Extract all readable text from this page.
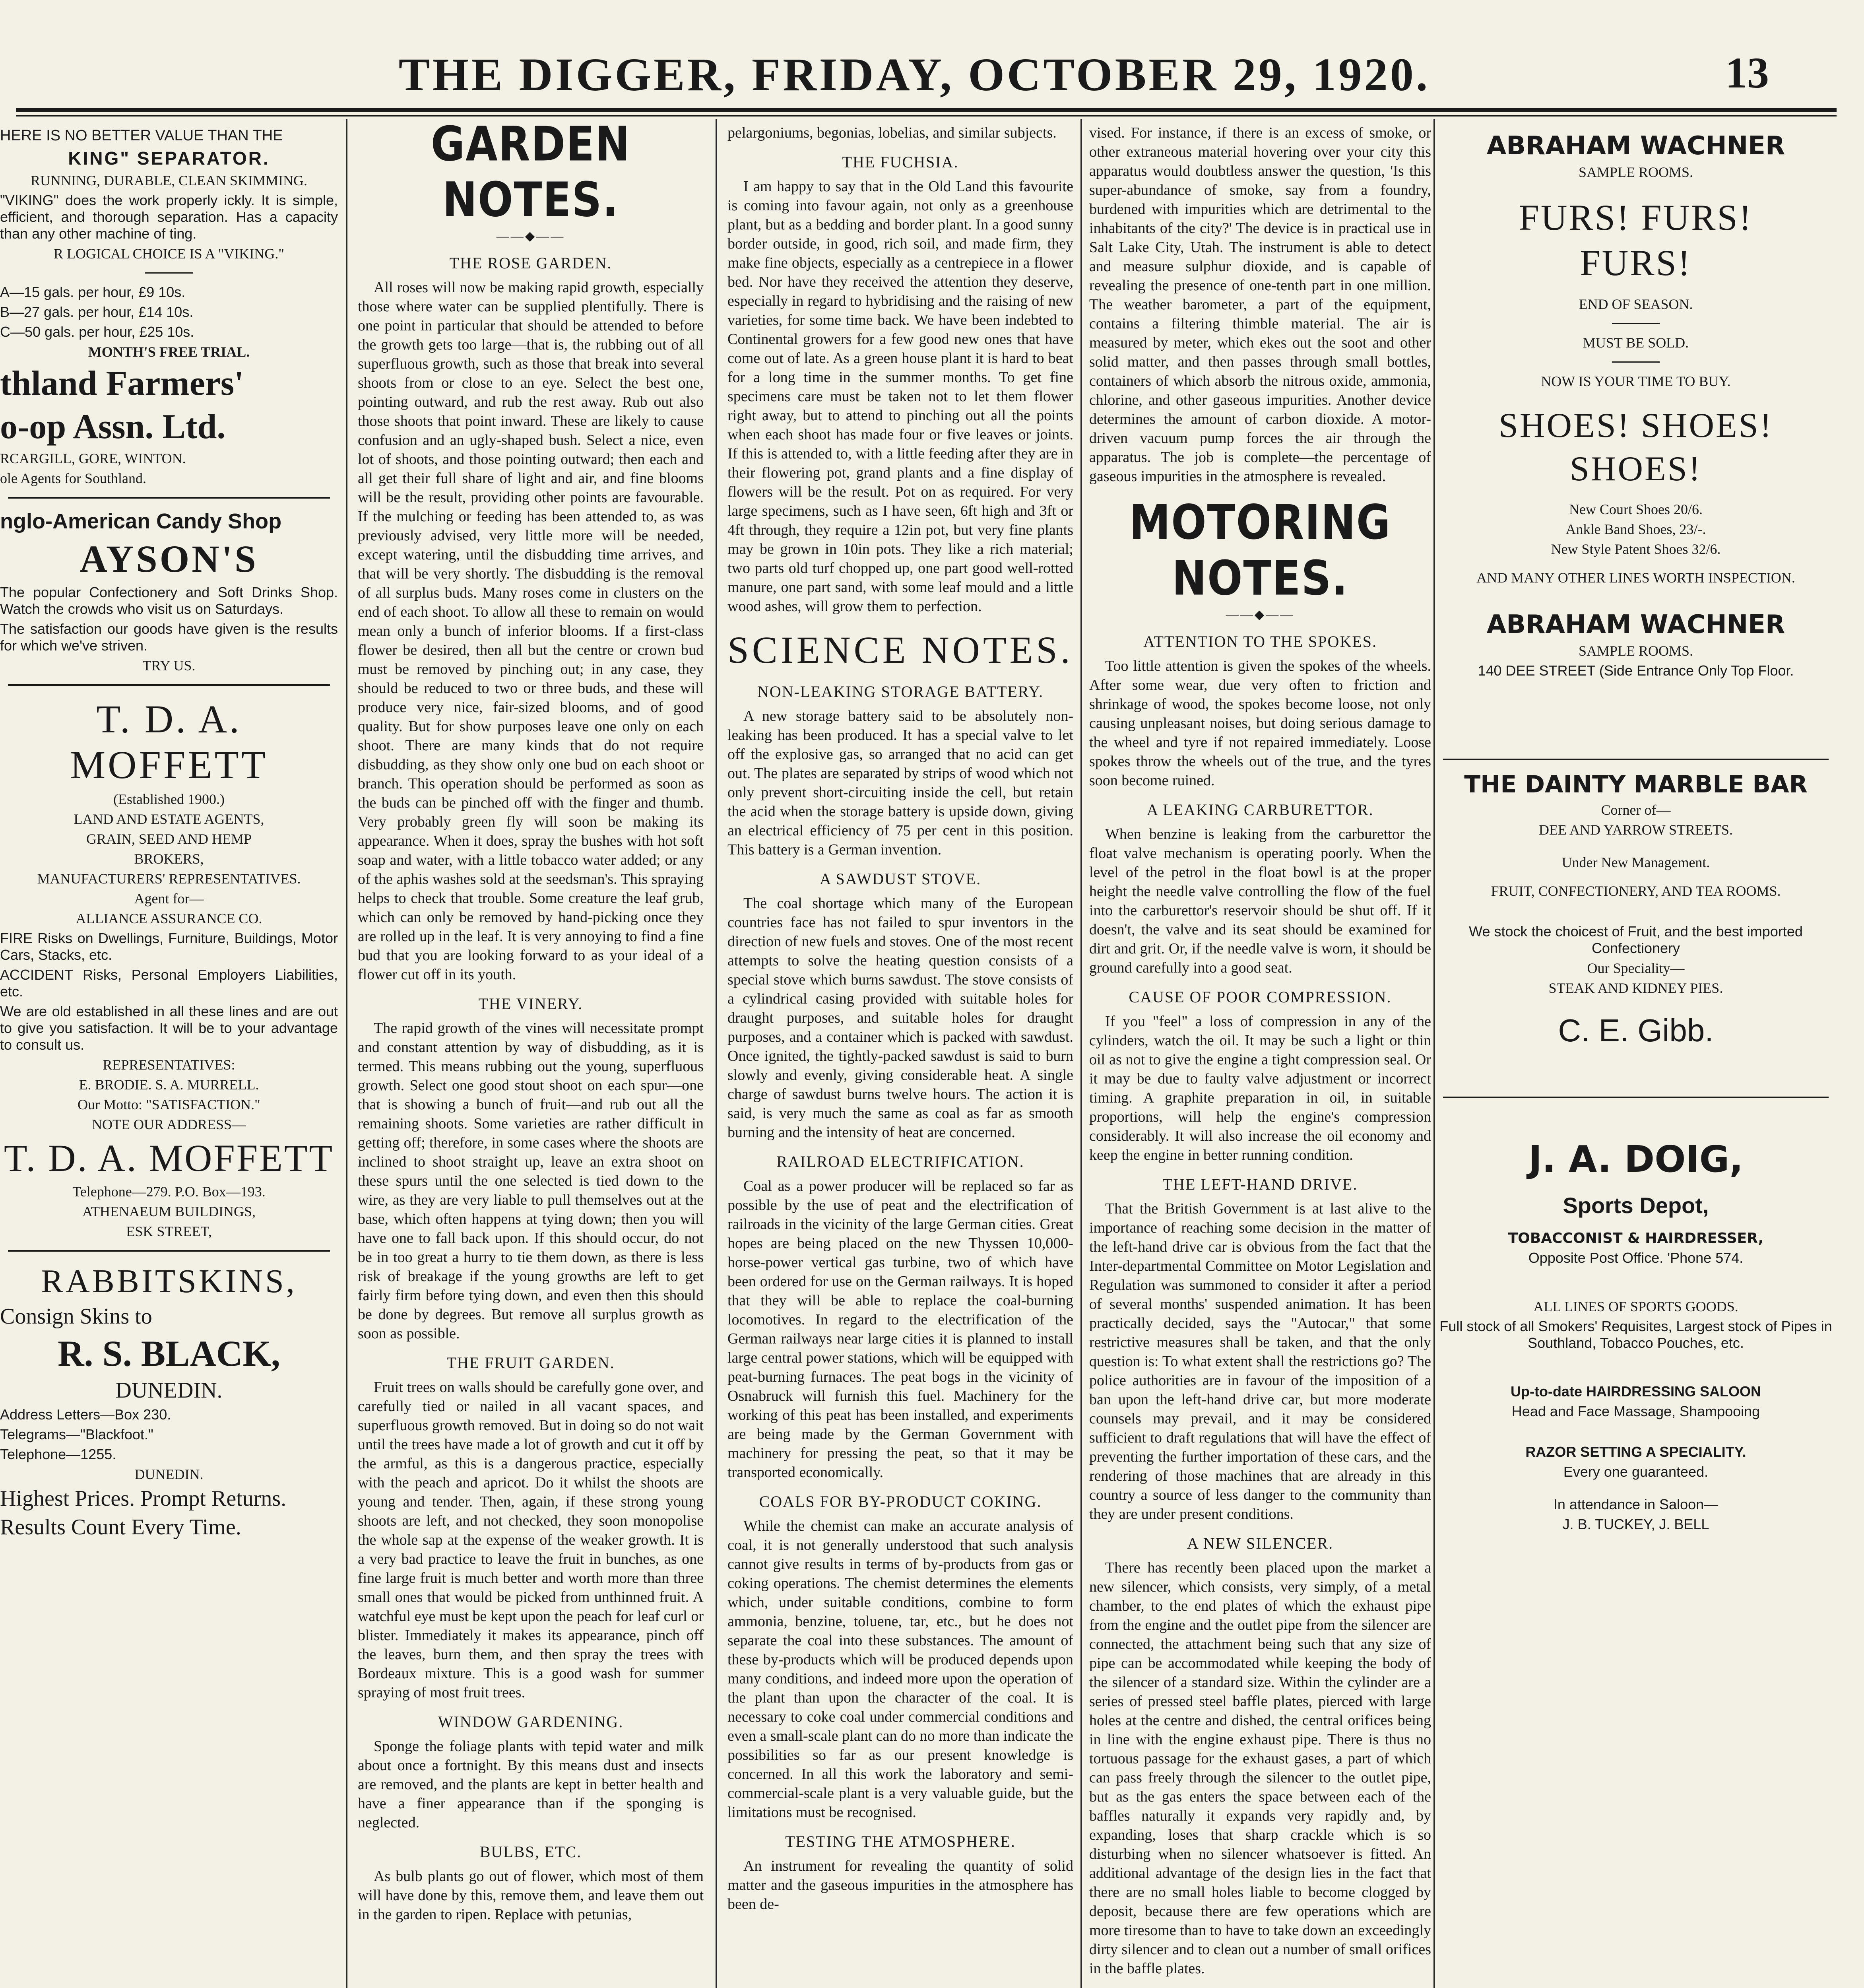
THE DIGGER, FRIDAY, OCTOBER 29, 1920.	13
HERE IS NO BETTER VALUE THAN THE
KING" SEPARATOR.
RUNNING, DURABLE, CLEAN SKIMMING.
"VIKING" does the work properly ickly. It is simple, efficient, and thorough separation. Has a capacity than any other machine of ting.
R LOGICAL CHOICE IS A "VIKING."
A—15 gals. per hour, £9 10s.
B—27 gals. per hour, £14 10s.
C—50 gals. per hour, £25 10s.
MONTH'S FREE TRIAL.
thland Farmers'
o-op Assn. Ltd.
RCARGILL, GORE, WINTON.
ole Agents for Southland.
nglo-American Candy Shop
AYSON'S
The popular Confectionery and Soft Drinks Shop. Watch the crowds who visit us on Saturdays.
The satisfaction our goods have given is the results for which we've striven.
TRY US.
T. D. A. MOFFETT
(Established 1900.)
LAND AND ESTATE AGENTS,
GRAIN, SEED AND HEMP
BROKERS,
MANUFACTURERS' REPRESENTATIVES.
Agent for—
ALLIANCE ASSURANCE CO.
FIRE Risks on Dwellings, Furniture, Buildings, Motor Cars, Stacks, etc.
ACCIDENT Risks, Personal Employers Liabilities, etc.
We are old established in all these lines and are out to give you satisfaction. It will be to your advantage to consult us.
REPRESENTATIVES:
E. BRODIE. S. A. MURRELL.
Our Motto: "SATISFACTION."
NOTE OUR ADDRESS—
T. D. A. MOFFETT
Telephone—279. P.O. Box—193.
ATHENAEUM BUILDINGS,
ESK STREET,
RABBITSKINS,
Consign Skins to
R. S. BLACK,
DUNEDIN.
Address Letters—Box 230.
Telegrams—"Blackfoot."
Telephone—1255.
DUNEDIN.
Highest Prices. Prompt Returns.
Results Count Every Time.
GARDEN NOTES.
——◆——
THE ROSE GARDEN.

All roses will now be making rapid growth, especially those where water can be supplied plentifully. There is one point in particular that should be attended to before the growth gets too large—that is, the rubbing out of all superfluous growth, such as those that break into several shoots from or close to an eye. Select the best one, pointing outward, and rub the rest away. Rub out also those shoots that point inward. These are likely to cause confusion and an ugly-shaped bush. Select a nice, even lot of shoots, and those pointing outward; then each and all get their full share of light and air, and fine blooms will be the result, providing other points are favourable. If the mulching or feeding has been attended to, as was previously advised, very little more will be needed, except watering, until the disbudding time arrives, and that will be very shortly. The disbudding is the removal of all surplus buds. Many roses come in clusters on the end of each shoot. To allow all these to remain on would mean only a bunch of inferior blooms. If a first-class flower be desired, then all but the centre or crown bud must be removed by pinching out; in any case, they should be reduced to two or three buds, and these will produce very nice, fair-sized blooms, and of good quality. But for show purposes leave one only on each shoot. There are many kinds that do not require disbudding, as they show only one bud on each shoot or branch. This operation should be performed as soon as the buds can be pinched off with the finger and thumb. Very probably green fly will soon be making its appearance. When it does, spray the bushes with hot soft soap and water, with a little tobacco water added; or any of the aphis washes sold at the seedsman's. This spraying helps to check that trouble. Some creature the leaf grub, which can only be removed by hand-picking once they are rolled up in the leaf. It is very annoying to find a fine bud that you are looking forward to as your ideal of a flower cut off in its youth.

THE VINERY.

The rapid growth of the vines will necessitate prompt and constant attention by way of disbudding, as it is termed. This means rubbing out the young, superfluous growth. Select one good stout shoot on each spur—one that is showing a bunch of fruit—and rub out all the remaining shoots. Some varieties are rather difficult in getting off; therefore, in some cases where the shoots are inclined to shoot straight up, leave an extra shoot on these spurs until the one selected is tied down to the wire, as they are very liable to pull themselves out at the base, which often happens at tying down; then you will have one to fall back upon. If this should occur, do not be in too great a hurry to tie them down, as there is less risk of breakage if the young growths are left to get fairly firm before tying down, and even then this should be done by degrees. But remove all surplus growth as soon as possible.

THE FRUIT GARDEN.

Fruit trees on walls should be carefully gone over, and carefully tied or nailed in all vacant spaces, and superfluous growth removed. But in doing so do not wait until the trees have made a lot of growth and cut it off by the armful, as this is a dangerous practice, especially with the peach and apricot. Do it whilst the shoots are young and tender. Then, again, if these strong young shoots are left, and not checked, they soon monopolise the whole sap at the expense of the weaker growth. It is a very bad practice to leave the fruit in bunches, as one fine large fruit is much better and worth more than three small ones that would be picked from unthinned fruit. A watchful eye must be kept upon the peach for leaf curl or blister. Immediately it makes its appearance, pinch off the leaves, burn them, and then spray the trees with Bordeaux mixture. This is a good wash for summer spraying of most fruit trees.

WINDOW GARDENING.

Sponge the foliage plants with tepid water and milk about once a fortnight. By this means dust and insects are removed, and the plants are kept in better health and have a finer appearance than if the sponging is neglected.

BULBS, ETC.

As bulb plants go out of flower, which most of them will have done by this, remove them, and leave them out in the garden to ripen. Replace with petunias,

pelargoniums, begonias, lobelias, and similar subjects.

THE FUCHSIA.

I am happy to say that in the Old Land this favourite is coming into favour again, not only as a greenhouse plant, but as a bedding and border plant. In a good sunny border outside, in good, rich soil, and made firm, they make fine objects, especially as a centrepiece in a flower bed. Nor have they received the attention they deserve, especially in regard to hybridising and the raising of new varieties, for some time back. We have been indebted to Continental growers for a few good new ones that have come out of late. As a green house plant it is hard to beat for a long time in the summer months. To get fine specimens care must be taken not to let them flower right away, but to attend to pinching out all the points when each shoot has made four or five leaves or joints. If this is attended to, with a little feeding after they are in their flowering pot, grand plants and a fine display of flowers will be the result. Pot on as required. For very large specimens, such as I have seen, 6ft high and 3ft or 4ft through, they require a 12in pot, but very fine plants may be grown in 10in pots. They like a rich material; two parts old turf chopped up, one part good well-rotted manure, one part sand, with some leaf mould and a little wood ashes, will grow them to perfection.

SCIENCE NOTES.
NON-LEAKING STORAGE BATTERY.

A new storage battery said to be absolutely non-leaking has been produced. It has a special valve to let off the explosive gas, so arranged that no acid can get out. The plates are separated by strips of wood which not only prevent short-circuiting inside the cell, but retain the acid when the storage battery is upside down, giving an electrical efficiency of 75 per cent in this position. This battery is a German invention.

A SAWDUST STOVE.

The coal shortage which many of the European countries face has not failed to spur inventors in the direction of new fuels and stoves. One of the most recent attempts to solve the heating question consists of a special stove which burns sawdust. The stove consists of a cylindrical casing provided with suitable holes for draught purposes, and suitable holes for draught purposes, and a container which is packed with sawdust. Once ignited, the tightly-packed sawdust is said to burn slowly and evenly, giving considerable heat. A single charge of sawdust burns twelve hours. The action it is said, is very much the same as coal as far as smooth burning and the intensity of heat are concerned.

RAILROAD ELECTRIFICATION.

Coal as a power producer will be replaced so far as possible by the use of peat and the electrification of railroads in the vicinity of the large German cities. Great hopes are being placed on the new Thyssen 10,000-horse-power vertical gas turbine, two of which have been ordered for use on the German railways. It is hoped that they will be able to replace the coal-burning locomotives. In regard to the electrification of the German railways near large cities it is planned to install large central power stations, which will be equipped with peat-burning furnaces. The peat bogs in the vicinity of Osnabruck will furnish this fuel. Machinery for the working of this peat has been installed, and experiments are being made by the German Government with machinery for pressing the peat, so that it may be transported economically.

COALS FOR BY-PRODUCT COKING.

While the chemist can make an accurate analysis of coal, it is not generally understood that such analysis cannot give results in terms of by-products from gas or coking operations. The chemist determines the elements which, under suitable conditions, combine to form ammonia, benzine, toluene, tar, etc., but he does not separate the coal into these substances. The amount of these by-products which will be produced depends upon many conditions, and indeed more upon the operation of the plant than upon the character of the coal. It is necessary to coke coal under commercial conditions and even a small-scale plant can do no more than indicate the possibilities so far as our present knowledge is concerned. In all this work the laboratory and semi-commercial-scale plant is a very valuable guide, but the limitations must be recognised.

TESTING THE ATMOSPHERE.

An instrument for revealing the quantity of solid matter and the gaseous impurities in the atmosphere has been de-

vised. For instance, if there is an excess of smoke, or other extraneous material hovering over your city this apparatus would doubtless answer the question, 'Is this super-abundance of smoke, say from a foundry, burdened with impurities which are detrimental to the inhabitants of the city?' The device is in practical use in Salt Lake City, Utah. The instrument is able to detect and measure sulphur dioxide, and is capable of revealing the presence of one-tenth part in one million. The weather barometer, a part of the equipment, contains a filtering thimble material. The air is measured by meter, which ekes out the soot and other solid matter, and then passes through small bottles, containers of which absorb the nitrous oxide, ammonia, chlorine, and other gaseous impurities. Another device determines the amount of carbon dioxide. A motor-driven vacuum pump forces the air through the apparatus. The job is complete—the percentage of gaseous impurities in the atmosphere is revealed.

MOTORING NOTES.
——◆——
ATTENTION TO THE SPOKES.

Too little attention is given the spokes of the wheels. After some wear, due very often to friction and shrinkage of wood, the spokes become loose, not only causing unpleasant noises, but doing serious damage to the wheel and tyre if not repaired immediately. Loose spokes throw the wheels out of the true, and the tyres soon become ruined.

A LEAKING CARBURETTOR.

When benzine is leaking from the carburettor the float valve mechanism is operating poorly. When the level of the petrol in the float bowl is at the proper height the needle valve controlling the flow of the fuel into the carburettor's reservoir should be shut off. If it doesn't, the valve and its seat should be examined for dirt and grit. Or, if the needle valve is worn, it should be ground carefully into a good seat.

CAUSE OF POOR COMPRESSION.

If you "feel" a loss of compression in any of the cylinders, watch the oil. It may be such a light or thin oil as not to give the engine a tight compression seal. Or it may be due to faulty valve adjustment or incorrect timing. A graphite preparation in oil, in suitable proportions, will help the engine's compression considerably. It will also increase the oil economy and keep the engine in better running condition.

THE LEFT-HAND DRIVE.

That the British Government is at last alive to the importance of reaching some decision in the matter of the left-hand drive car is obvious from the fact that the Inter-departmental Committee on Motor Legislation and Regulation was summoned to consider it after a period of several months' suspended animation. It has been practically decided, says the "Autocar," that some restrictive measures shall be taken, and that the only question is: To what extent shall the restrictions go? The police authorities are in favour of the imposition of a ban upon the left-hand drive car, but more moderate counsels may prevail, and it may be considered sufficient to draft regulations that will have the effect of preventing the further importation of these cars, and the rendering of those machines that are already in this country a source of less danger to the community than they are under present conditions.

A NEW SILENCER.

There has recently been placed upon the market a new silencer, which consists, very simply, of a metal chamber, to the end plates of which the exhaust pipe from the engine and the outlet pipe from the silencer are connected, the attachment being such that any size of pipe can be accommodated while keeping the body of the silencer of a standard size. Within the cylinder are a series of pressed steel baffle plates, pierced with large holes at the centre and dished, the central orifices being in line with the engine exhaust pipe. There is thus no tortuous passage for the exhaust gases, a part of which can pass freely through the silencer to the outlet pipe, but as the gas enters the space between each of the baffles naturally it expands very rapidly and, by expanding, loses that sharp crackle which is so disturbing when no silencer whatsoever is fitted. An additional advantage of the design lies in the fact that there are no small holes liable to become clogged by deposit, because there are few operations which are more tiresome than to have to take down an exceedingly dirty silencer and to clean out a number of small orifices in the baffle plates.

ABRAHAM WACHNER
SAMPLE ROOMS.
FURS! FURS!
FURS!
END OF SEASON.
MUST BE SOLD.
NOW IS YOUR TIME TO BUY.
SHOES! SHOES!
SHOES!
New Court Shoes 20/6.
Ankle Band Shoes, 23/-.
New Style Patent Shoes 32/6.
AND MANY OTHER LINES WORTH INSPECTION.
ABRAHAM WACHNER
SAMPLE ROOMS.
140 DEE STREET (Side Entrance Only Top Floor.
THE DAINTY MARBLE BAR
Corner of—
DEE AND YARROW STREETS.
Under New Management.
FRUIT, CONFECTIONERY, AND TEA ROOMS.
We stock the choicest of Fruit, and the best imported Confectionery
Our Speciality—
STEAK AND KIDNEY PIES.
C. E. Gibb.
J. A. DOIG,
Sports Depot,
TOBACCONIST & HAIRDRESSER,
Opposite Post Office. 'Phone 574.
ALL LINES OF SPORTS GOODS.
Full stock of all Smokers' Requisites, Largest stock of Pipes in Southland, Tobacco Pouches, etc.
Up-to-date HAIRDRESSING SALOON
Head and Face Massage, Shampooing
RAZOR SETTING A SPECIALITY.
Every one guaranteed.
In attendance in Saloon—
J. B. TUCKEY, J. BELL
